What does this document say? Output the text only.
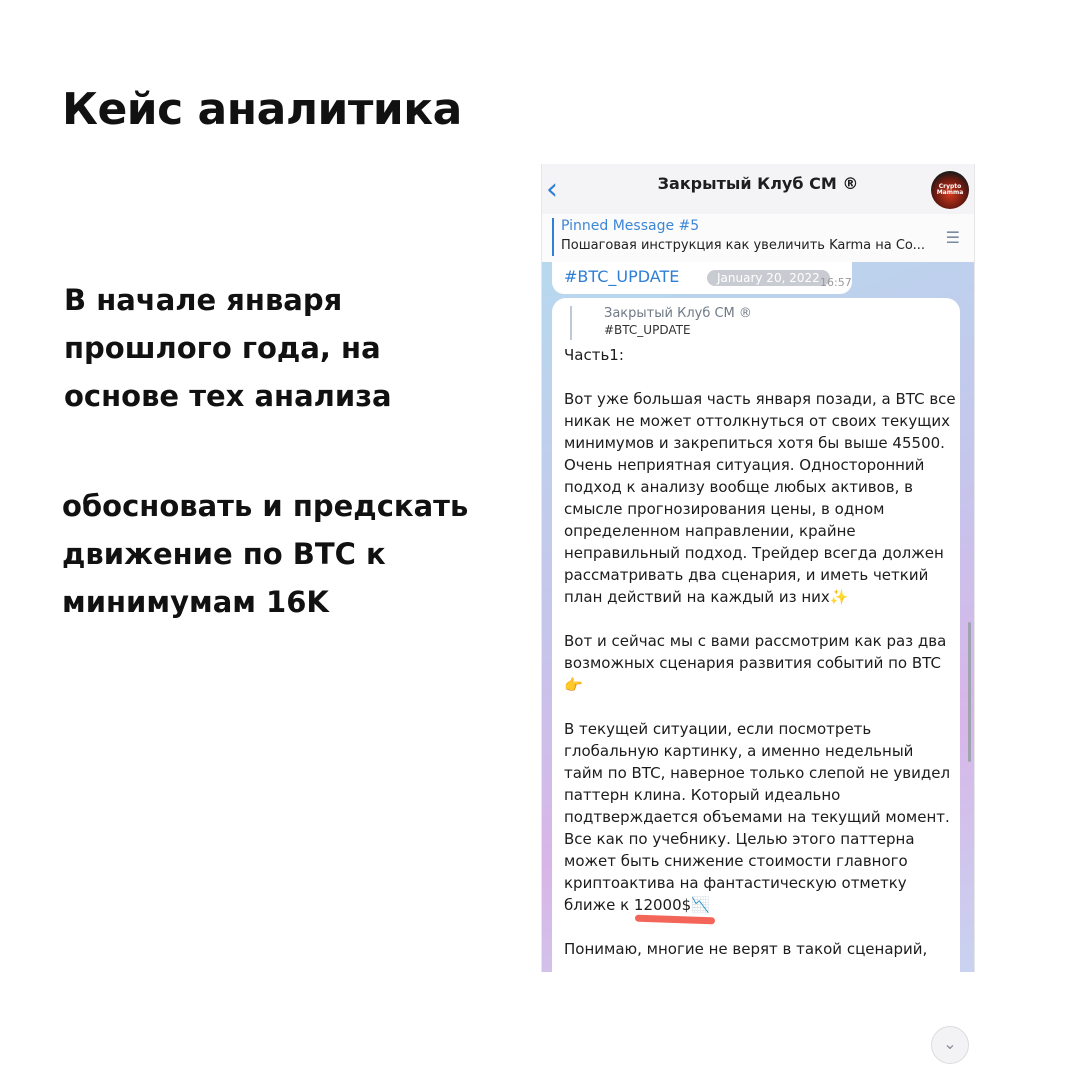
Кейс аналитика
В начале января прошлого года, на основе тех анализа
обосновать и предскать движение по BTC к минимумам 16K
‹	Закрытый Клуб CM ®	Crypto Mamma
Pinned Message #5
Пошаговая инструкция как увеличить Karma на Co...	☰
#BTC_UPDATE	January 20, 2022 16:57
Закрытый Клуб CM ®
#BTC_UPDATE

Часть1:

Вот уже большая часть января позади, а BTC все никак не может оттолкнуться от своих текущих минимумов и закрепиться хотя бы выше 45500. Очень неприятная ситуация. Односторонний подход к анализу вообще любых активов, в смысле прогнозирования цены, в одном определенном направлении, крайне неправильный подход. Трейдер всегда должен рассматривать два сценария, и иметь четкий план действий на каждый из них✨

Вот и сейчас мы с вами рассмотрим как раз два возможных сценария развития событий по BTC👉

В текущей ситуации, если посмотреть глобальную картинку, а именно недельный тайм по BTC, наверное только слепой не увидел паттерн клина. Который идеально подтверждается объемами на текущий момент. Все как по учебнику. Целью этого паттерна может быть снижение стоимости главного криптоактива на фантастическую отметку ближе к 12000$📉

Понимаю, многие не верят в такой сценарий,

⌄
